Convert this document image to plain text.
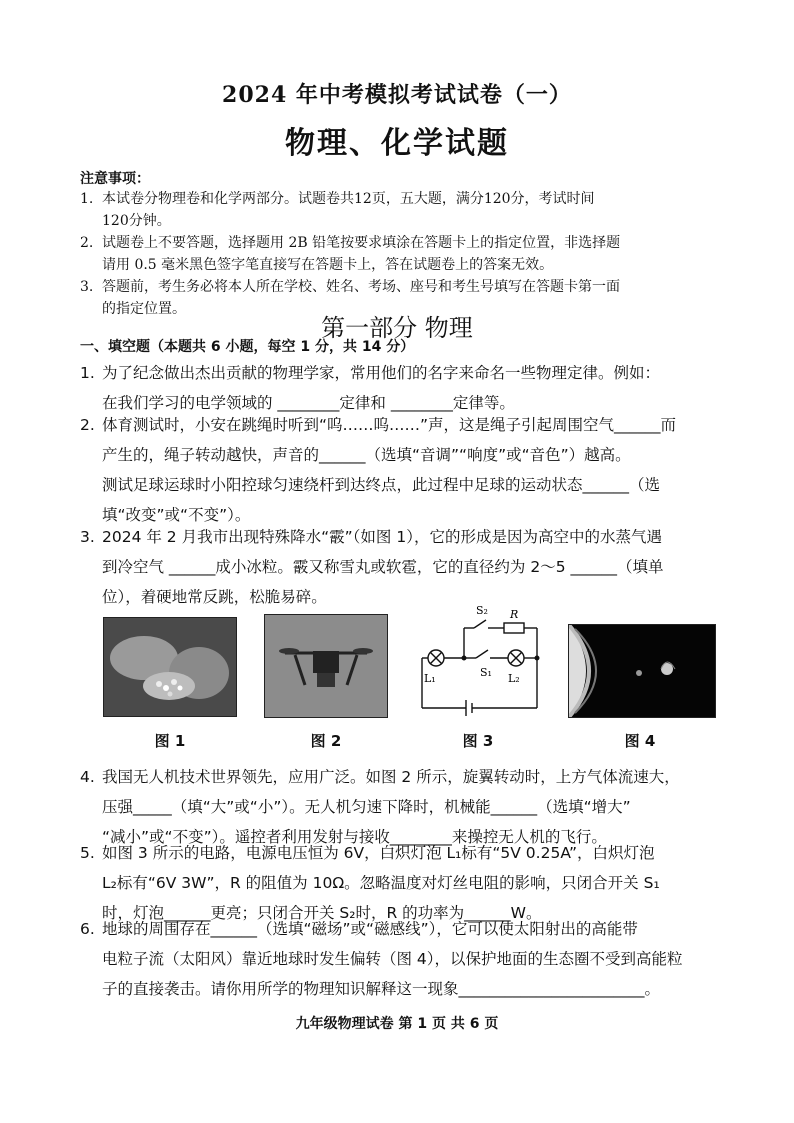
2024 年中考模拟考试试卷（一）
物理、化学试题
注意事项：
1. 本试卷分物理卷和化学两部分。试题卷共12页，五大题，满分120分，考试时间
120分钟。
2. 试题卷上不要答题，选择题用 2B 铅笔按要求填涂在答题卡上的指定位置，非选择题
请用 0.5 毫米黑色签字笔直接写在答题卡上，答在试题卷上的答案无效。
3. 答题前，考生务必将本人所在学校、姓名、考场、座号和考生号填写在答题卡第一面
的指定位置。
第一部分 物理
一、填空题（本题共 6 小题，每空 1 分，共 14 分）
1. 为了纪念做出杰出贡献的物理学家，常用他们的名字来命名一些物理定律。例如：
在我们学习的电学领域的 ________定律和 ________定律等。
2. 体育测试时，小安在跳绳时听到“呜……呜……”声，这是绳子引起周围空气______而
产生的，绳子转动越快，声音的______（选填“音调”“响度”或“音色”）越高。
测试足球运球时小阳控球匀速绕杆到达终点，此过程中足球的运动状态______（选
填“改变”或“不变”）。
3. 2024 年 2 月我市出现特殊降水“霰”（如图 1），它的形成是因为高空中的水蒸气遇
到冷空气 ______成小冰粒。霰又称雪丸或软雹，它的直径约为 2～5 ______（填单
位），着硬地常反跳，松脆易碎。
S₂ R
S₁
L₁	L₂
图 1	图 2	图 3	图 4
4. 我国无人机技术世界领先，应用广泛。如图 2 所示，旋翼转动时，上方气体流速大，
压强_____（填“大”或“小”）。无人机匀速下降时，机械能______（选填“增大”
“减小”或“不变”）。遥控者利用发射与接收________来操控无人机的飞行。
5. 如图 3 所示的电路，电源电压恒为 6V，白炽灯泡 L₁标有“5V 0.25A”，白炽灯泡
L₂标有“6V 3W”，R 的阻值为 10Ω。忽略温度对灯丝电阻的影响，只闭合开关 S₁
时，灯泡______更亮；只闭合开关 S₂时，R 的功率为______W。
6. 地球的周围存在______（选填“磁场”或“磁感线”），它可以使太阳射出的高能带
电粒子流（太阳风）靠近地球时发生偏转（图 4），以保护地面的生态圈不受到高能粒
子的直接袭击。请你用所学的物理知识解释这一现象________________________。
九年级物理试卷 第 1 页 共 6 页
